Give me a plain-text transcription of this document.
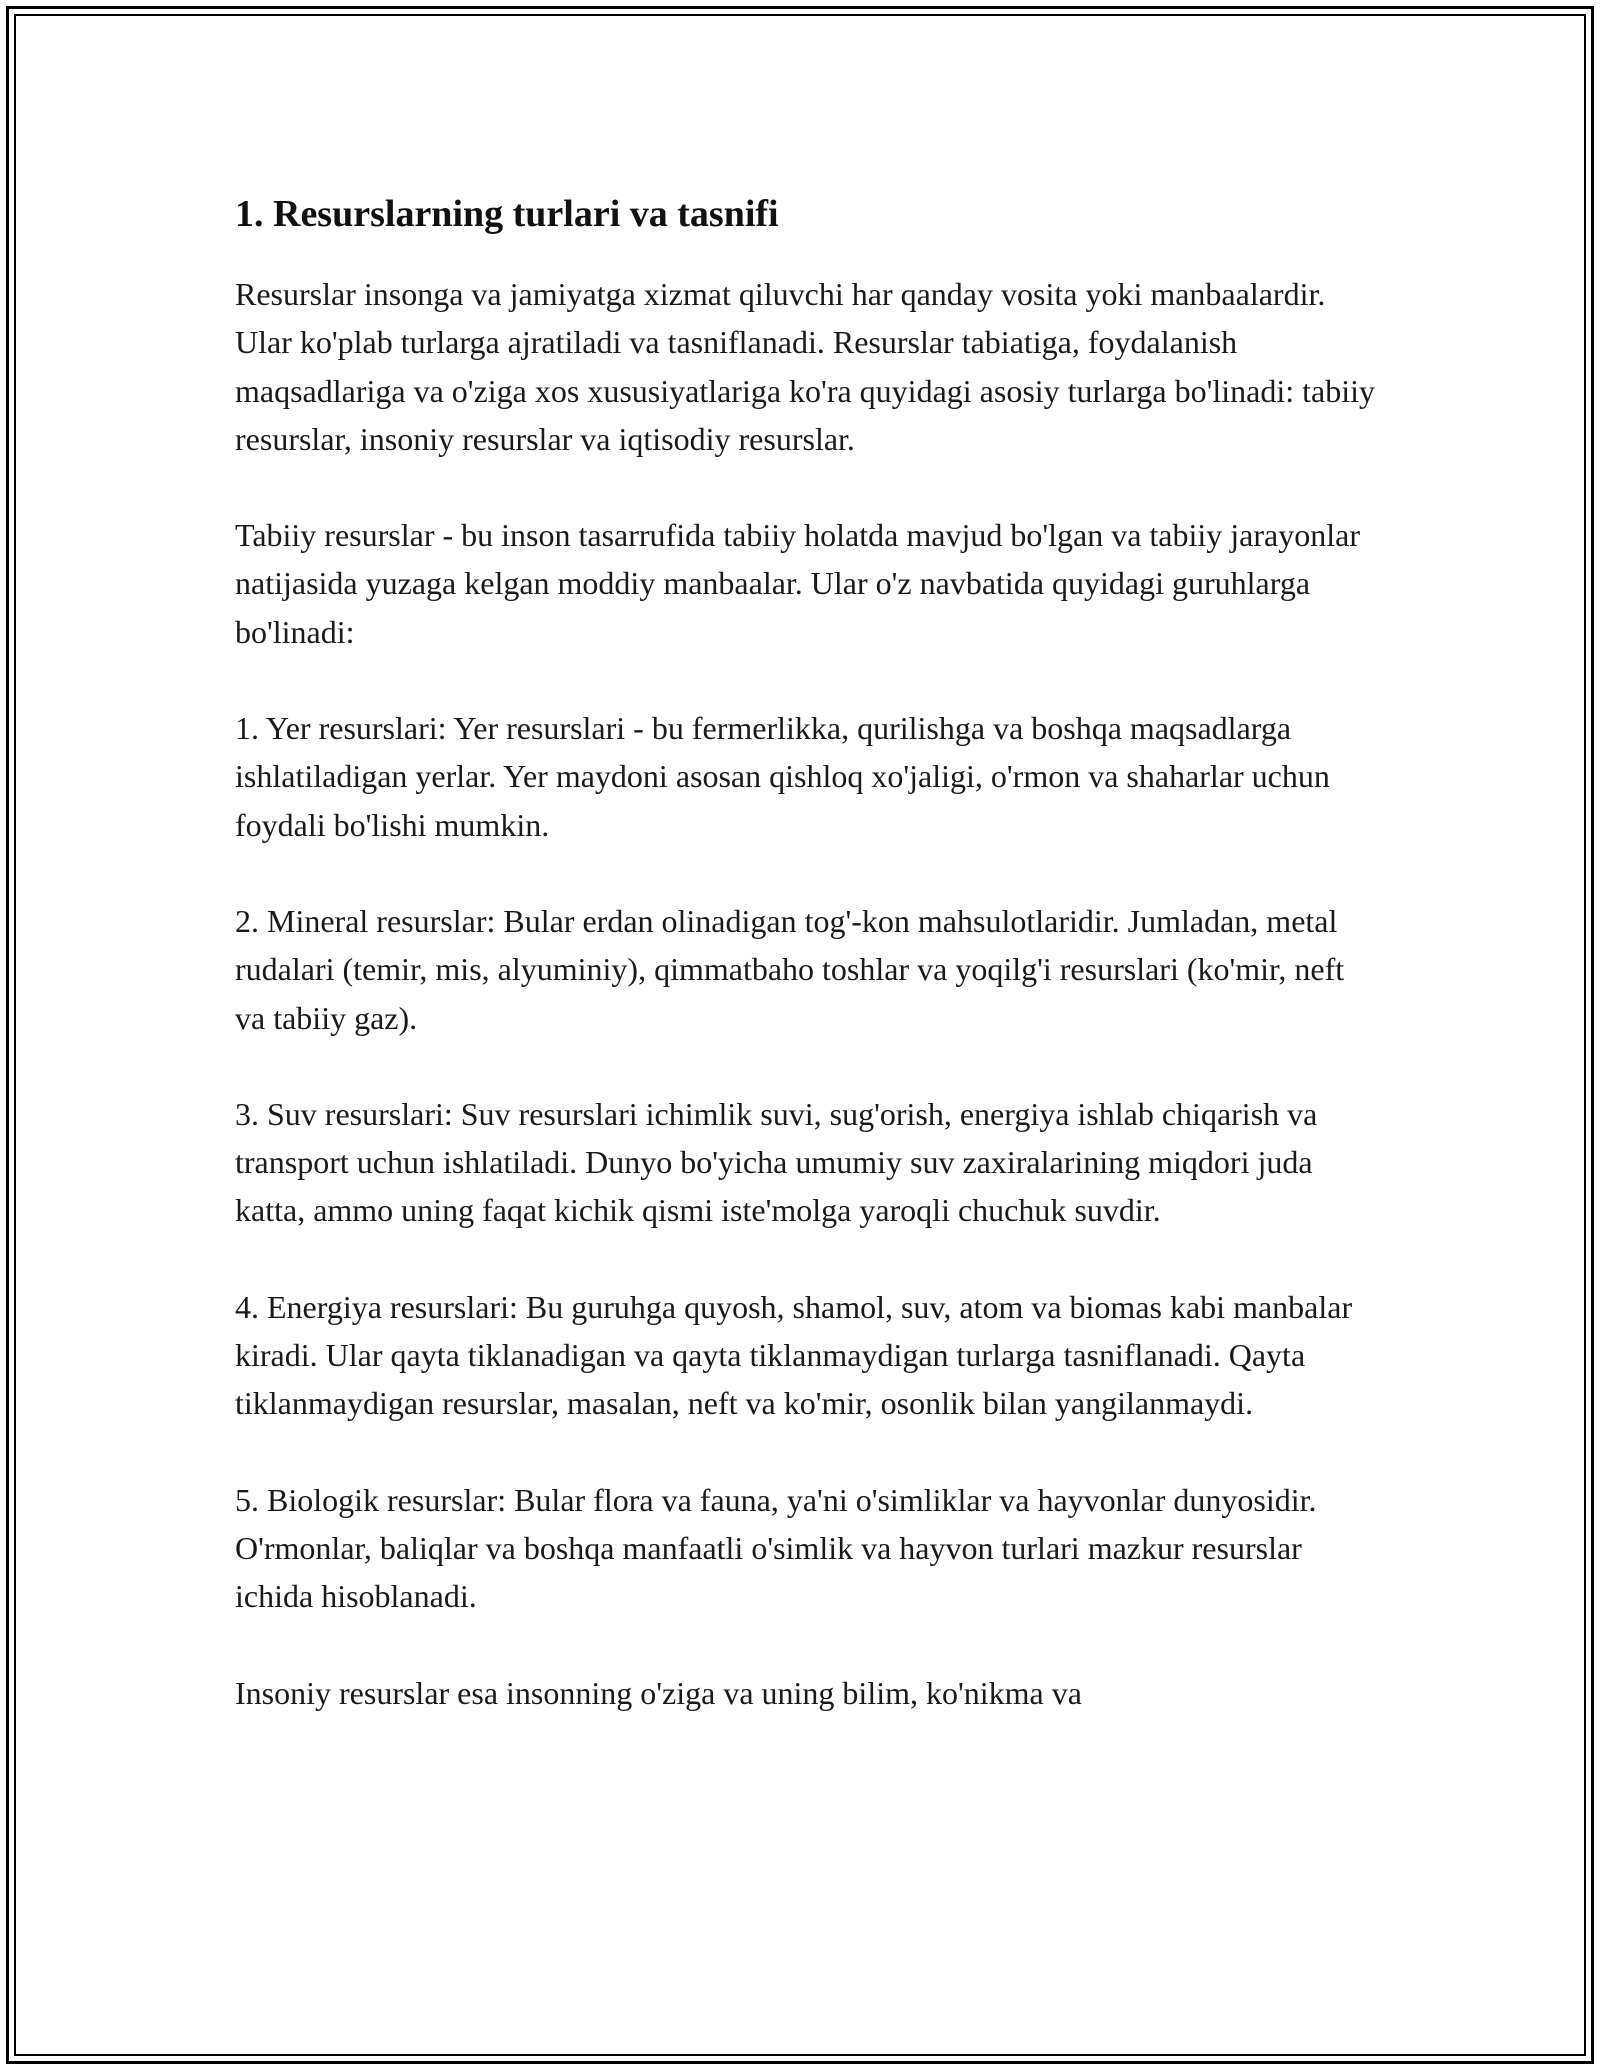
1. Resurslarning turlari va tasnifi

Resurslar insonga va jamiyatga xizmat qiluvchi har qanday vosita yoki manbaalardir. Ular ko'plab turlarga ajratiladi va tasniflanadi. Resurslar tabiatiga, foydalanish maqsadlariga va o'ziga xos xususiyatlariga ko'ra quyidagi asosiy turlarga bo'linadi: tabiiy resurslar, insoniy resurslar va iqtisodiy resurslar.

Tabiiy resurslar - bu inson tasarrufida tabiiy holatda mavjud bo'lgan va tabiiy jarayonlar natijasida yuzaga kelgan moddiy manbaalar. Ular o'z navbatida quyidagi guruhlarga bo'linadi:

1. Yer resurslari: Yer resurslari - bu fermerlikka, qurilishga va boshqa maqsadlarga ishlatiladigan yerlar. Yer maydoni asosan qishloq xo'jaligi, o'rmon va shaharlar uchun foydali bo'lishi mumkin.

2. Mineral resurslar: Bular erdan olinadigan tog'-kon mahsulotlaridir. Jumladan, metal rudalari (temir, mis, alyuminiy), qimmatbaho toshlar va yoqilg'i resurslari (ko'mir, neft va tabiiy gaz).

3. Suv resurslari: Suv resurslari ichimlik suvi, sug'orish, energiya ishlab chiqarish va transport uchun ishlatiladi. Dunyo bo'yicha umumiy suv zaxiralarining miqdori juda katta, ammo uning faqat kichik qismi iste'molga yaroqli chuchuk suvdir.

4. Energiya resurslari: Bu guruhga quyosh, shamol, suv, atom va biomas kabi manbalar kiradi. Ular qayta tiklanadigan va qayta tiklanmaydigan turlarga tasniflanadi. Qayta tiklanmaydigan resurslar, masalan, neft va ko'mir, osonlik bilan yangilanmaydi.

5. Biologik resurslar: Bular flora va fauna, ya'ni o'simliklar va hayvonlar dunyosidir. O'rmonlar, baliqlar va boshqa manfaatli o'simlik va hayvon turlari mazkur resurslar ichida hisoblanadi.

Insoniy resurslar esa insonning o'ziga va uning bilim, ko'nikma va
